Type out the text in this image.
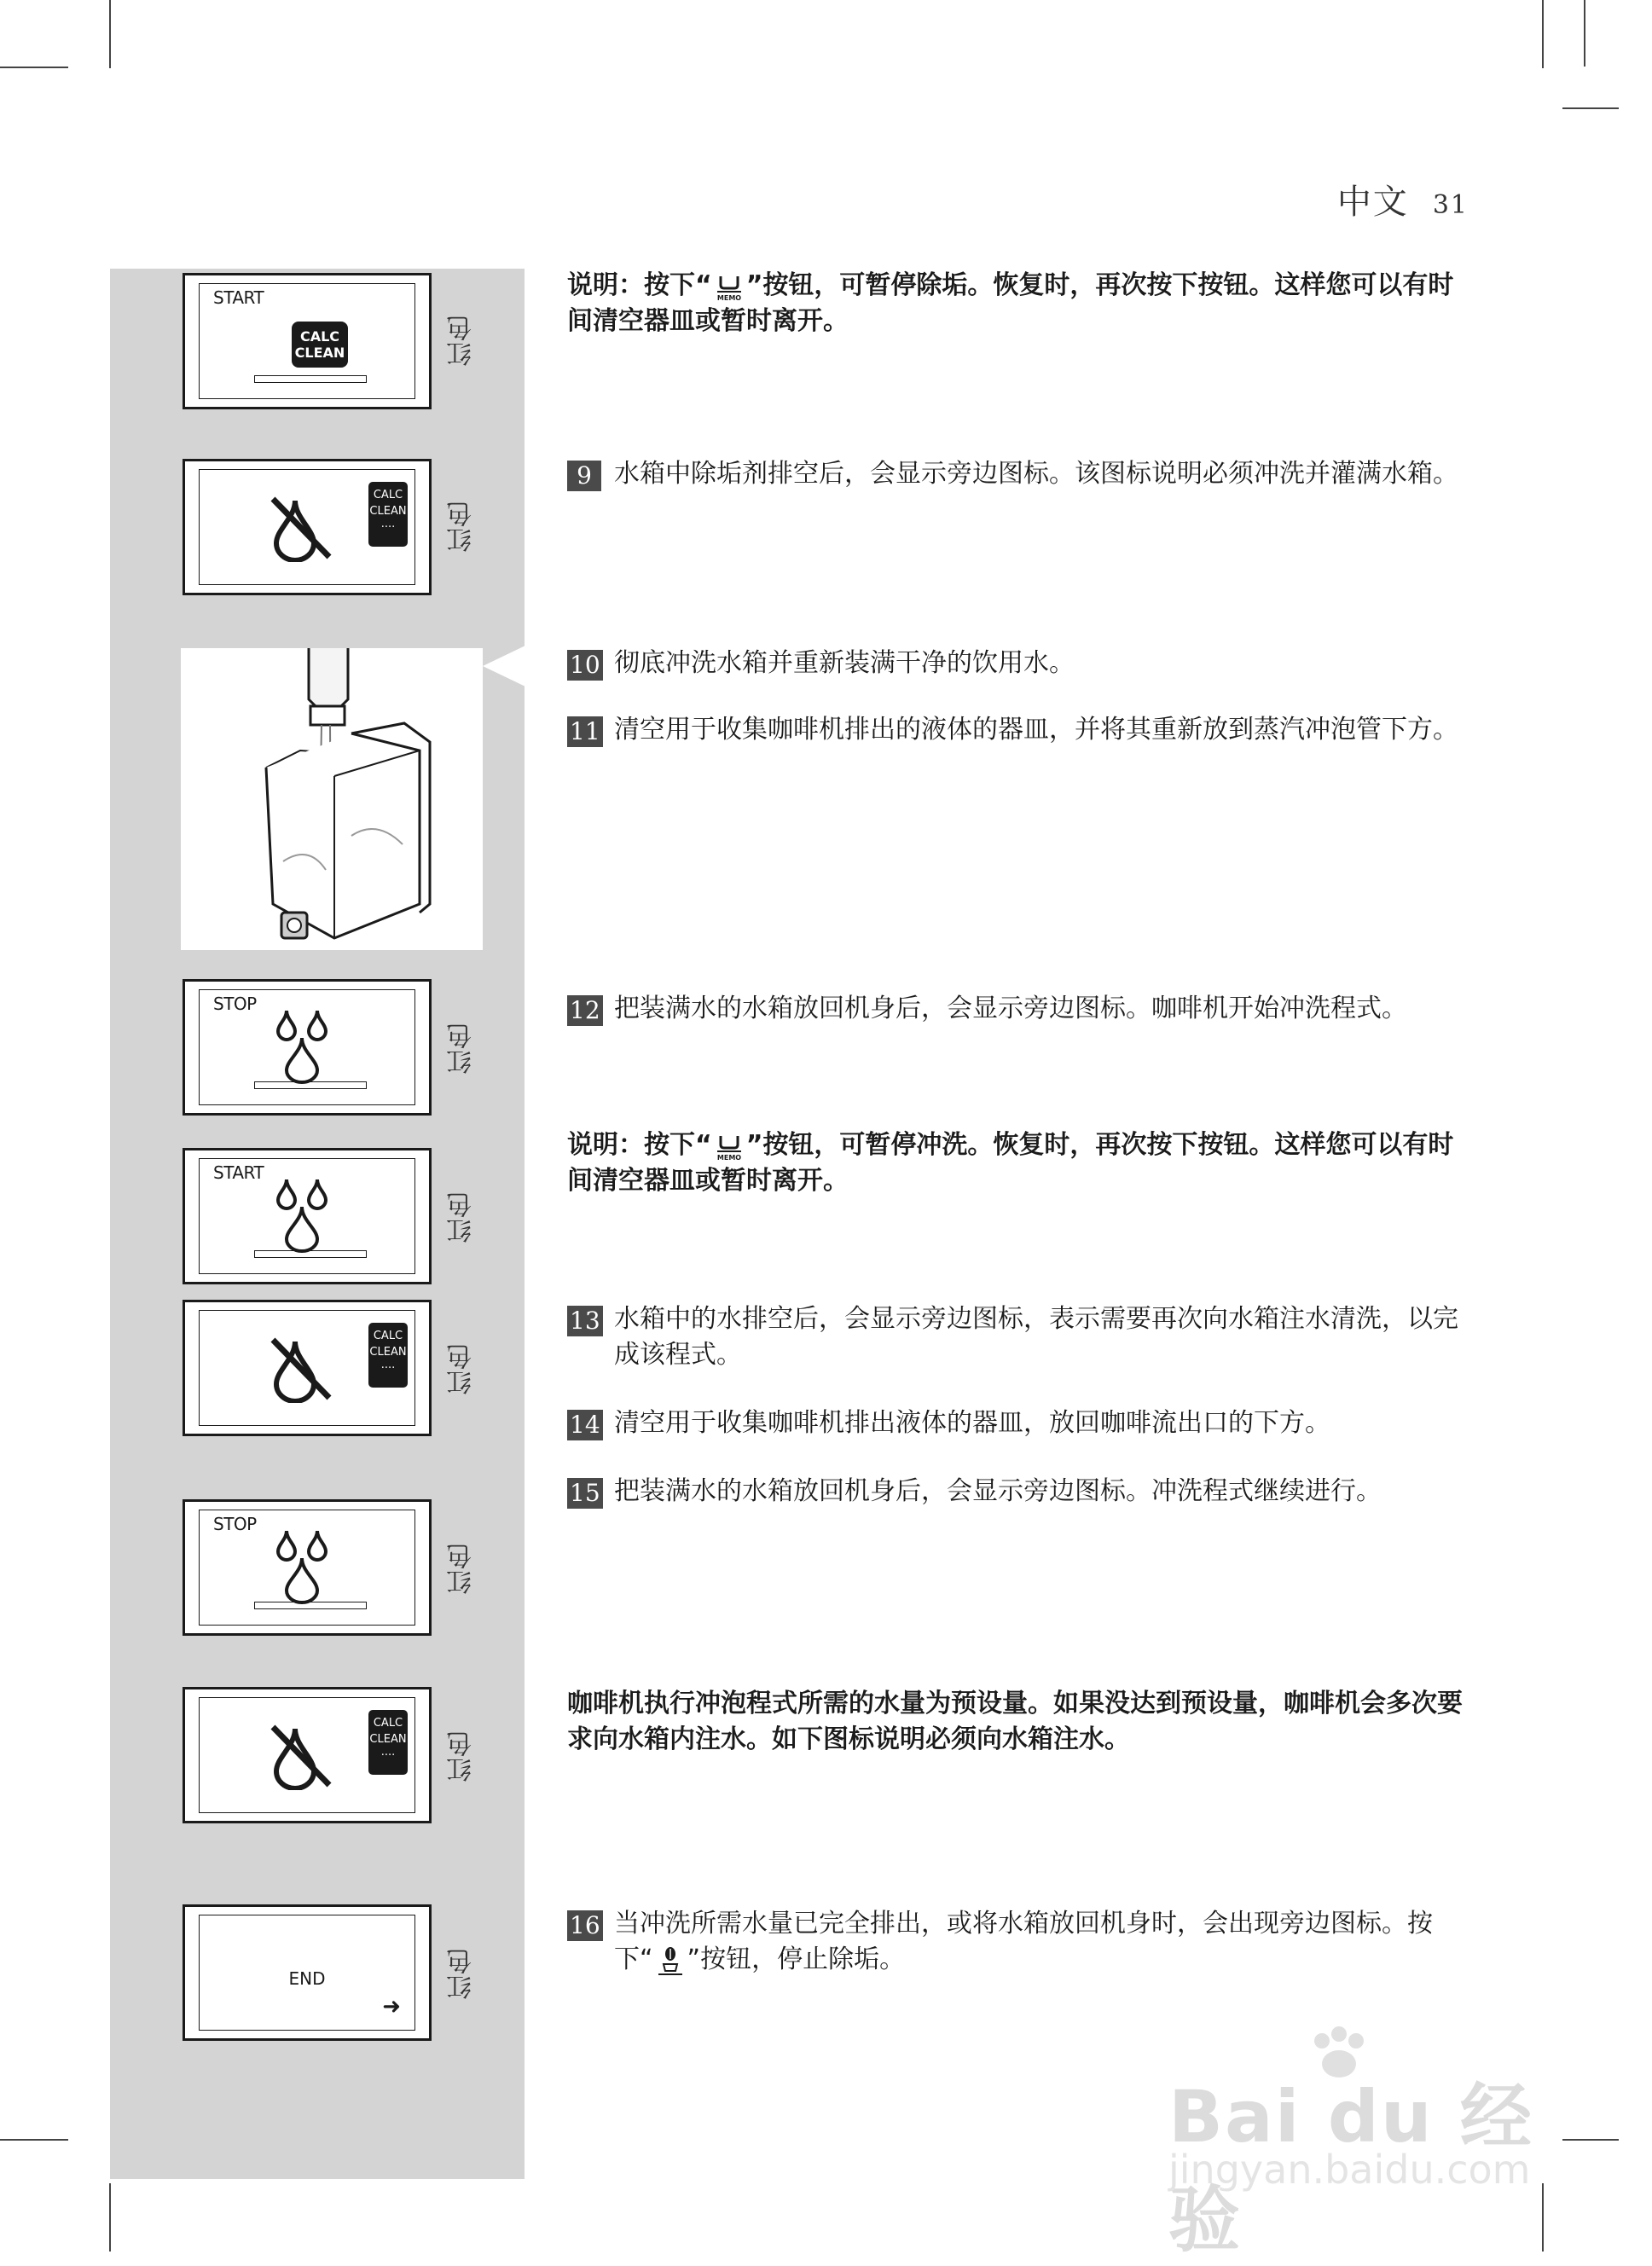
中文 31
START
CALC
CLEAN	红色
CALC
CLEAN
····	红色
STOP
红色
START
红色
CALC
CLEAN
····	红色
STOP
红色
CALC
CLEAN
····	红色
END
➜
红色
说明：按下“ MEMO ”按钮，可暂停除垢。恢复时，再次按下按钮。这样您可以有时间清空器皿或暂时离开。
9 水箱中除垢剂排空后，会显示旁边图标。该图标说明必须冲洗并灌满水箱。
10 彻底冲洗水箱并重新装满干净的饮用水。
11 清空用于收集咖啡机排出的液体的器皿，并将其重新放到蒸汽冲泡管下方。
12 把装满水的水箱放回机身后，会显示旁边图标。咖啡机开始冲洗程式。
说明：按下“ MEMO ”按钮，可暂停冲洗。恢复时，再次按下按钮。这样您可以有时间清空器皿或暂时离开。
13 水箱中的水排空后，会显示旁边图标，表示需要再次向水箱注水清洗，以完成该程式。
14 清空用于收集咖啡机排出液体的器皿，放回咖啡流出口的下方。
15 把装满水的水箱放回机身后，会显示旁边图标。冲洗程式继续进行。
咖啡机执行冲泡程式所需的水量为预设量。如果没达到预设量，咖啡机会多次要求向水箱内注水。如下图标说明必须向水箱注水。
16 当冲洗所需水量已完全排出，或将水箱放回机身时，会出现旁边图标。按下“ ”按钮，停止除垢。
Bai du 经验
jingyan.baidu.com
